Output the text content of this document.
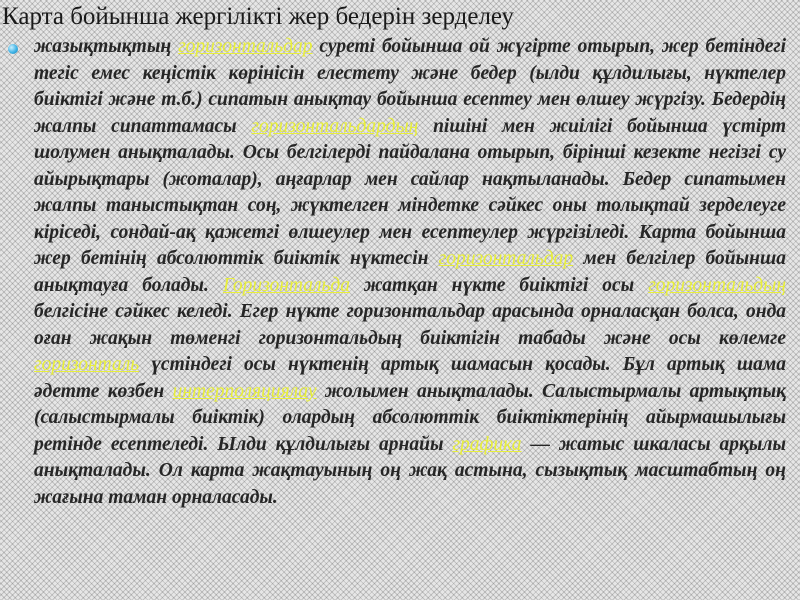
Карта бойынша жергілікті жер бедерін зерделеу

жазықтықтың горизонтальдар суреті бойынша ой жүгірте отырып, жер бетіндегі тегіс емес кеңістік көрінісін елестету және бедер (ылди құлдилығы, нүктелер биіктігі және т.б.) сипатын анықтау бойынша есептеу мен өлшеу жүргізу. Бедердің жалпы сипаттамасы горизонтальдардың пішіні мен жиілігі бойынша үстірт шолумен анықталады. Осы белгілерді пайдалана отырып, бірінші кезекте негізгі су айырықтары (жоталар), аңғарлар мен сайлар нақтыланады. Бедер сипатымен жалпы таныстықтан соң, жүктелген міндетке сәйкес оны толықтай зерделеуге кіріседі, сондай-ақ қажетгі өлшеулер мен есептеулер жүргізіледі. Карта бойынша жер бетінің абсолюттік биіктік нүктесін горизонтальдар мен белгілер бойынша анықтауға болады. Горизонтальда жатқан нүкте биіктігі осы горизонтальдың белгісіне сәйкес келеді. Егер нүкте горизонтальдар арасында орналасқан болса, онда оған жақын төменгі горизонтальдың биіктігін табады және осы көлемге горизонталь үстіндегі осы нүктенің артық шамасын қосады. Бұл артық шама әдетте көзбен интерполяциялау жолымен анықталады. Салыстырмалы артықтық (салыстырмалы биіктік) олардың абсолюттік биіктіктерінің айырмашылығы ретінде есептеледі. Ылди құлдилығы арнайы графика — жатыс шкаласы арқылы анықталады. Ол карта жақтауының оң жақ астына, сызықтық масштабтың оң жағына таман орналасады.
